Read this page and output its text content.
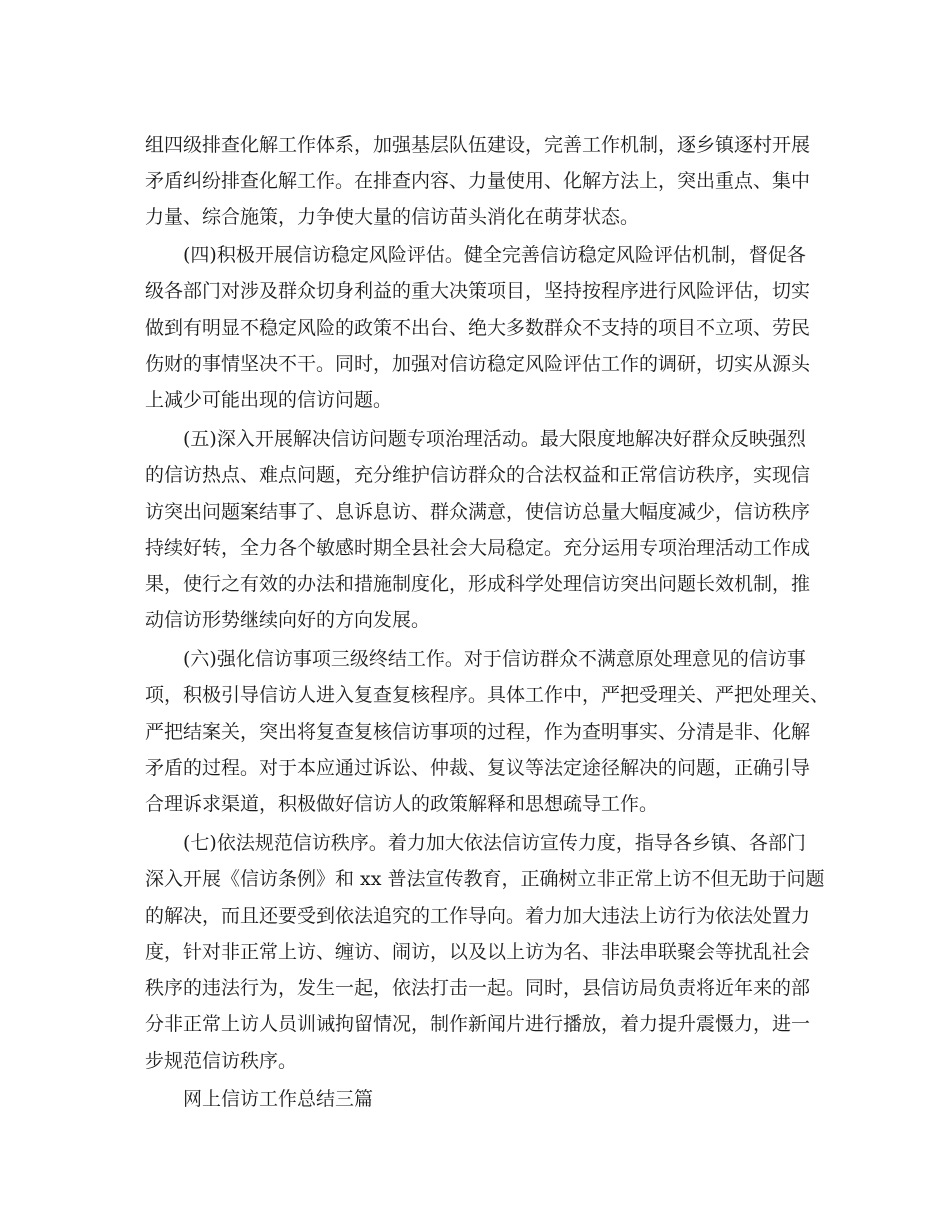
组四级排查化解工作体系，加强基层队伍建设，完善工作机制，逐乡镇逐村开展
矛盾纠纷排查化解工作。在排查内容、力量使用、化解方法上，突出重点、集中
力量、综合施策，力争使大量的信访苗头消化在萌芽状态。
(四)积极开展信访稳定风险评估。健全完善信访稳定风险评估机制，督促各
级各部门对涉及群众切身利益的重大决策项目，坚持按程序进行风险评估，切实
做到有明显不稳定风险的政策不出台、绝大多数群众不支持的项目不立项、劳民
伤财的事情坚决不干。同时，加强对信访稳定风险评估工作的调研，切实从源头
上减少可能出现的信访问题。
(五)深入开展解决信访问题专项治理活动。最大限度地解决好群众反映强烈
的信访热点、难点问题，充分维护信访群众的合法权益和正常信访秩序，实现信
访突出问题案结事了、息诉息访、群众满意，使信访总量大幅度减少，信访秩序
持续好转，全力各个敏感时期全县社会大局稳定。充分运用专项治理活动工作成
果，使行之有效的办法和措施制度化，形成科学处理信访突出问题长效机制，推
动信访形势继续向好的方向发展。
(六)强化信访事项三级终结工作。对于信访群众不满意原处理意见的信访事
项，积极引导信访人进入复查复核程序。具体工作中，严把受理关、严把处理关、
严把结案关，突出将复查复核信访事项的过程，作为查明事实、分清是非、化解
矛盾的过程。对于本应通过诉讼、仲裁、复议等法定途径解决的问题，正确引导
合理诉求渠道，积极做好信访人的政策解释和思想疏导工作。
(七)依法规范信访秩序。着力加大依法信访宣传力度，指导各乡镇、各部门
深入开展《信访条例》和 xx 普法宣传教育，正确树立非正常上访不但无助于问题
的解决，而且还要受到依法追究的工作导向。着力加大违法上访行为依法处置力
度，针对非正常上访、缠访、闹访，以及以上访为名、非法串联聚会等扰乱社会
秩序的违法行为，发生一起，依法打击一起。同时，县信访局负责将近年来的部
分非正常上访人员训诫拘留情况，制作新闻片进行播放，着力提升震慑力，进一
步规范信访秩序。
网上信访工作总结三篇
